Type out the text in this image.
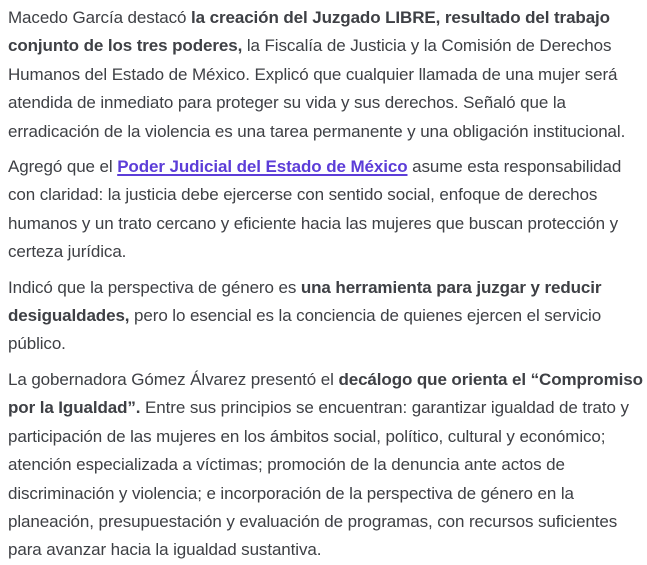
Macedo García destacó la creación del Juzgado LIBRE, resultado del trabajo conjunto de los tres poderes, la Fiscalía de Justicia y la Comisión de Derechos Humanos del Estado de México. Explicó que cualquier llamada de una mujer será atendida de inmediato para proteger su vida y sus derechos. Señaló que la erradicación de la violencia es una tarea permanente y una obligación institucional.

Agregó que el Poder Judicial del Estado de México asume esta responsabilidad con claridad: la justicia debe ejercerse con sentido social, enfoque de derechos humanos y un trato cercano y eficiente hacia las mujeres que buscan protección y certeza jurídica.

Indicó que la perspectiva de género es una herramienta para juzgar y reducir desigualdades, pero lo esencial es la conciencia de quienes ejercen el servicio público.

La gobernadora Gómez Álvarez presentó el decálogo que orienta el “Compromiso por la Igualdad”. Entre sus principios se encuentran: garantizar igualdad de trato y participación de las mujeres en los ámbitos social, político, cultural y económico; atención especializada a víctimas; promoción de la denuncia ante actos de discriminación y violencia; e incorporación de la perspectiva de género en la planeación, presupuestación y evaluación de programas, con recursos suficientes para avanzar hacia la igualdad sustantiva.
